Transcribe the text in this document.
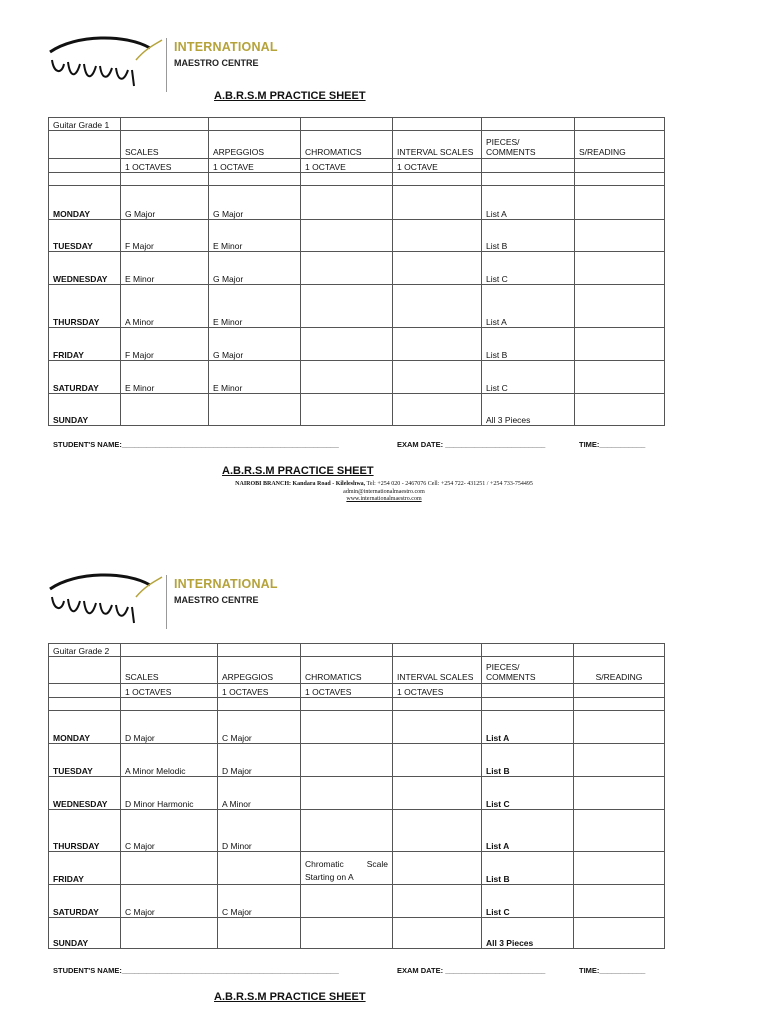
INTERNATIONAL
MAESTRO CENTRE
A.B.R.S.M PRACTICE SHEET
Guitar Grade 1						
	SCALES	ARPEGGIOS	CHROMATICS	INTERVAL SCALES	PIECES/ COMMENTS	S/READING
	1 OCTAVES	1 OCTAVE	1 OCTAVE	1 OCTAVE		

MONDAY	G Major	G Major			List A	
TUESDAY	F Major	E Minor			List B	
WEDNESDAY	E Minor	G Major			List C	
THURSDAY	A Minor	E Minor			List A	
FRIDAY	F Major	G Major			List B	
SATURDAY	E Minor	E Minor			List C	
SUNDAY					All 3 Pieces	
STUDENT'S NAME:____________________________________________________	EXAM DATE: ________________________	TIME:___________
A.B.R.S.M PRACTICE SHEET
NAIROBI BRANCH: Kandara Road - Kileleshwa, Tel: +254 020 - 2467076 Cell: +254 722- 431251 / +254 733-754495
admin@internationalmaestro.com
www.internationalmaestro.com
INTERNATIONAL
MAESTRO CENTRE
Guitar Grade 2						
	SCALES	ARPEGGIOS	CHROMATICS	INTERVAL SCALES	PIECES/ COMMENTS	S/READING
	1 OCTAVES	1 OCTAVES	1 OCTAVES	1 OCTAVES		

MONDAY	D Major	C Major			List A	
TUESDAY	A Minor Melodic	D Major			List B	
WEDNESDAY	D Minor Harmonic	A Minor			List C	
THURSDAY	C Major	D Minor			List A	
FRIDAY			Chromatic Scale Starting on A		List B	
SATURDAY	C Major	C Major			List C	
SUNDAY					All 3 Pieces	
STUDENT'S NAME:____________________________________________________	EXAM DATE: ________________________	TIME:___________
A.B.R.S.M PRACTICE SHEET
